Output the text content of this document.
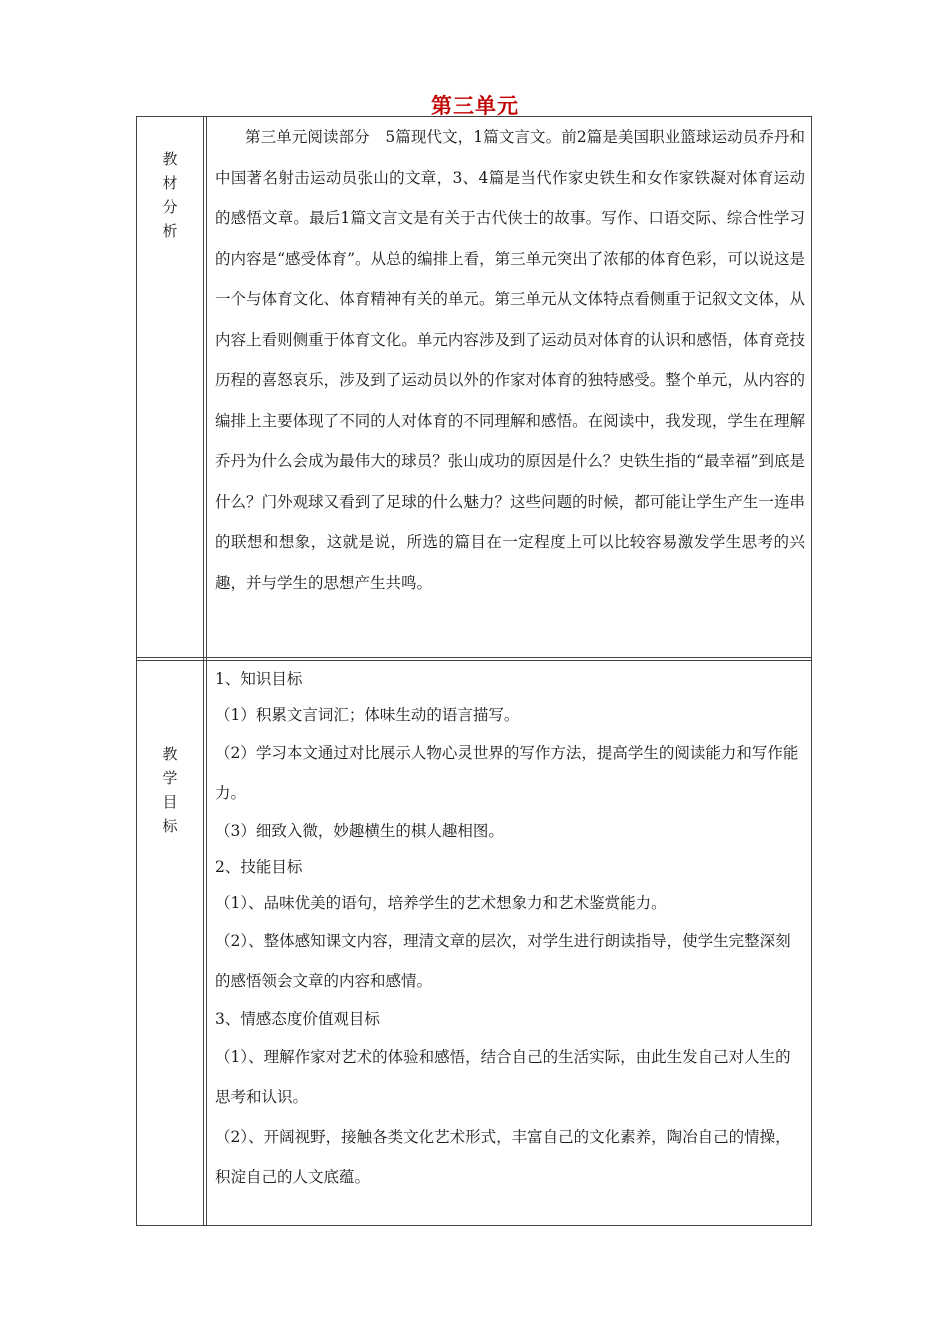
第三单元
教
材
分
析
第三单元阅读部分　5篇现代文，1篇文言文。前2篇是美国职业篮球运动员乔丹和中国著名射击运动员张山的文章，3、4篇是当代作家史铁生和女作家铁凝对体育运动的感悟文章。最后1篇文言文是有关于古代侠士的故事。写作、口语交际、综合性学习的内容是“感受体育”。从总的编排上看，第三单元突出了浓郁的体育色彩，可以说这是一个与体育文化、体育精神有关的单元。第三单元从文体特点看侧重于记叙文文体，从内容上看则侧重于体育文化。单元内容涉及到了运动员对体育的认识和感悟，体育竞技历程的喜怒哀乐，涉及到了运动员以外的作家对体育的独特感受。整个单元，从内容的编排上主要体现了不同的人对体育的不同理解和感悟。在阅读中，我发现，学生在理解乔丹为什么会成为最伟大的球员？张山成功的原因是什么？史铁生指的“最幸福”到底是什么？门外观球又看到了足球的什么魅力？这些问题的时候，都可能让学生产生一连串的联想和想象，这就是说，所选的篇目在一定程度上可以比较容易激发学生思考的兴趣，并与学生的思想产生共鸣。
教
学
目
标

1、知识目标

（1）积累文言词汇；体味生动的语言描写。

（2）学习本文通过对比展示人物心灵世界的写作方法，提高学生的阅读能力和写作能力。

（3）细致入微，妙趣横生的棋人趣相图。

2、技能目标

（1）、品味优美的语句，培养学生的艺术想象力和艺术鉴赏能力。

（2）、整体感知课文内容，理清文章的层次，对学生进行朗读指导，使学生完整深刻的感悟领会文章的内容和感情。

3、情感态度价值观目标

（1）、理解作家对艺术的体验和感悟，结合自己的生活实际，由此生发自己对人生的思考和认识。

（2）、开阔视野，接触各类文化艺术形式，丰富自己的文化素养，陶冶自己的情操，积淀自己的人文底蕴。
